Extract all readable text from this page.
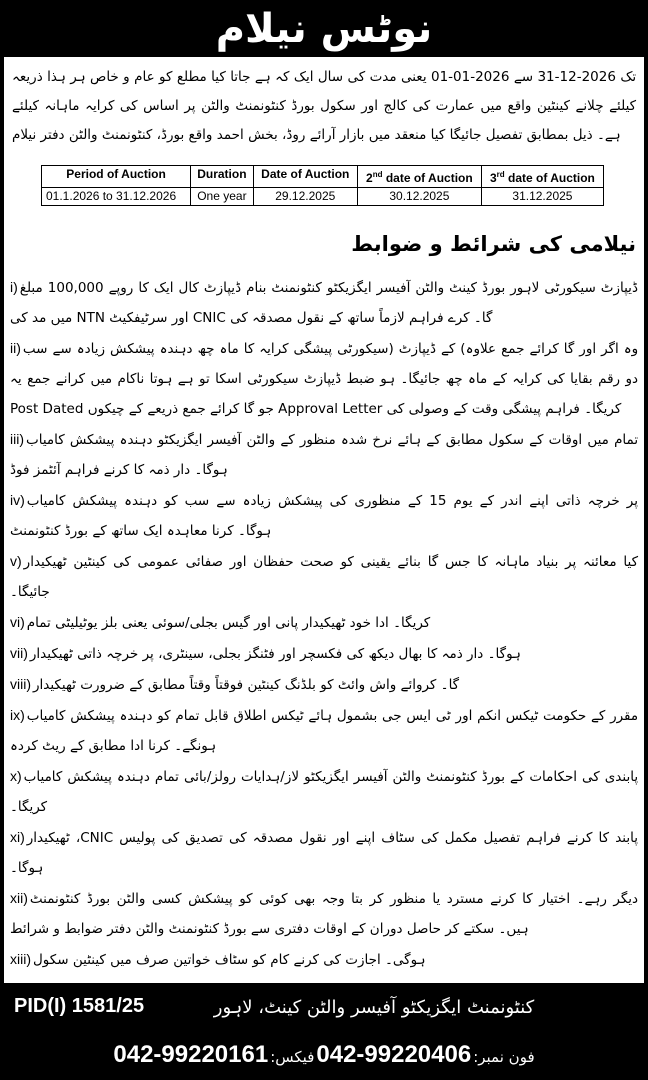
نوٹس نیلام
ذریعہ ہذا ہر خاص و عام کو مطلع کیا جاتا ہے کہ ایک سال کی مدت یعنی 01-01-2026 سے 31-12-2026 تک کیلئے ماہانہ کرایہ کی اساس پر والٹن کنٹونمنٹ بورڈ سکول اور کالج کی عمارت میں واقع کینٹین چلانے کیلئے نیلام دفتر والٹن کنٹونمنٹ بورڈ، واقع احمد بخش روڈ، آرائے بازار میں منعقد کیا جائیگا تفصیل بمطابق ذیل ہے۔
Period of Auction	Duration	Date of Auction	2nd date of Auction	3rd date of Auction
01.1.2026 to 31.12.2026	One year	29.12.2025	30.12.2025	31.12.2025
نیلامی کی شرائط و ضوابط
i) مبلغ 100,000 روپے کا ایک کال ڈیپازٹ بنام کنٹونمنٹ ایگزیکٹو آفیسر والٹن کینٹ بورڈ لاہور سیکورٹی ڈیپازٹ کی مد میں NTN سرٹیفکیٹ اور CNIC کی مصدقہ نقول کے ساتھ لازماً فراہم کرے گا۔
ii) سب سے زیادہ پیشکش دہندہ چھ ماہ کا کرایہ پیشگی (سیکورٹی ڈیپازٹ کے علاوہ) جمع کرائے گا اور اگر وہ یہ جمع کرانے میں ناکام ہوتا ہے تو اسکا سیکورٹی ڈیپازٹ ضبط ہو جائیگا۔ چھ ماہ کے کرایہ کی بقایا رقم دو Post Dated چیکوں کے ذریعے جمع کرائے گا جو Approval Letter کی وصولی کے وقت پیشگی فراہم کریگا۔
iii) کامیاب پیشکش دہندہ ایگزیکٹو آفیسر والٹن کے منظور شدہ نرخ ہائے کے مطابق سکول کے اوقات میں تمام فوڈ آئٹمز فراہم کرنے کا ذمہ دار ہوگا۔
iv) کامیاب پیشکش دہندہ کو سب سے زیادہ پیشکش کی منظوری کے 15 یوم کے اندر اپنے ذاتی خرچہ پر کنٹونمنٹ بورڈ کے ساتھ ایک معاہدہ کرنا ہوگا۔
v) ٹھیکیدار کینٹین کی عمومی صفائی اور حفظان صحت کو یقینی بنائے گا جس کا ماہانہ بنیاد پر معائنہ کیا جائیگا۔
vi) تمام یوٹیلیٹی بلز یعنی بجلی/سوئی گیس اور پانی ٹھیکیدار خود ادا کریگا۔
vii) ٹھیکیدار ذاتی خرچہ پر سینٹری، بجلی، فٹنگز اور فکسچر کی دیکھ بھال کا ذمہ دار ہوگا۔
viii) ٹھیکیدار ضرورت کے مطابق وقتاً فوقتاً کینٹین بلڈنگ کو وائٹ واش کروائے گا۔
ix) کامیاب پیشکش دہندہ کو تمام قابل اطلاق ٹیکس ہائے بشمول جی ایس ٹی اور انکم ٹیکس حکومت کے مقرر کردہ ریٹ کے مطابق ادا کرنا ہونگے۔
x) کامیاب پیشکش دہندہ تمام رولز/بائی لاز/ہدایات ایگزیکٹو آفیسر والٹن کنٹونمنٹ بورڈ کے احکامات کی پابندی کریگا۔
xi) ٹھیکیدار CNIC، پولیس کی تصدیق کی مصدقہ نقول اور اپنے سٹاف کی مکمل تفصیل فراہم کرنے کا پابند ہوگا۔
xii) کنٹونمنٹ بورڈ والٹن کسی پیشکش کو کوئی بھی وجہ بتا کر منظور یا مسترد کرنے کا اختیار رہے۔ دیگر شرائط و ضوابط دفتر والٹن کنٹونمنٹ بورڈ سے دفتری اوقات کے دوران حاصل کر سکتے ہیں۔
xiii) سکول کینٹین میں صرف خواتین سٹاف کو کام کرنے کی اجازت ہوگی۔

PID(I) 1581/25	کنٹونمنٹ ایگزیکٹو آفیسر والٹن کینٹ، لاہور
فون نمبر:
042-99220406
فیکس:
042-99220161
